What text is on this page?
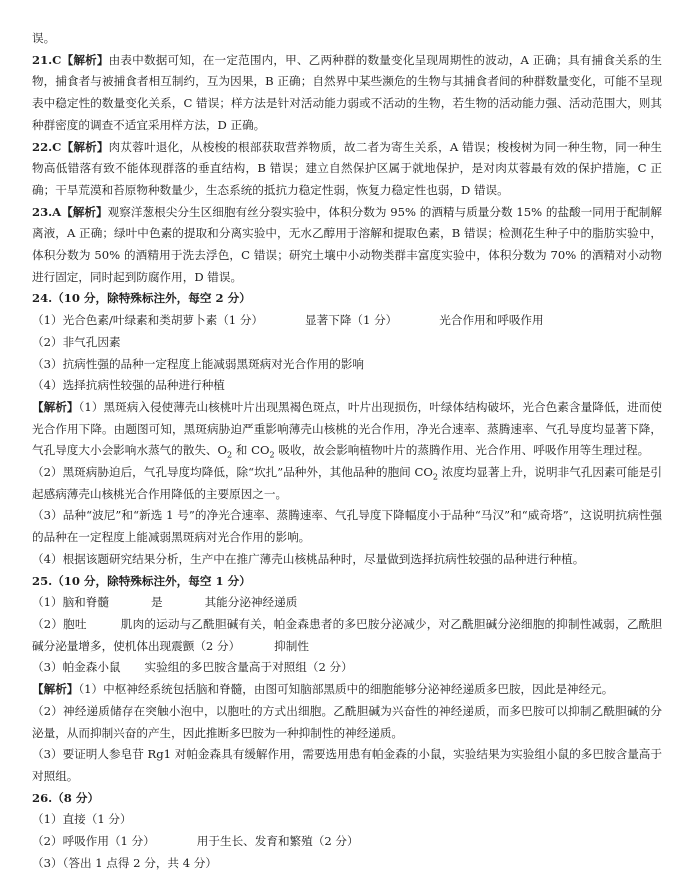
误。

21.C【解析】由表中数据可知，在一定范围内，甲、乙两种群的数量变化呈现周期性的波动，A 正确；具有捕食关系的生物，捕食者与被捕食者相互制约，互为因果，B 正确；自然界中某些濒危的生物与其捕食者间的种群数量变化，可能不呈现表中稳定性的数量变化关系，C 错误；样方法是针对活动能力弱或不活动的生物，若生物的活动能力强、活动范围大，则其种群密度的调查不适宜采用样方法，D 正确。

22.C【解析】肉苁蓉叶退化，从梭梭的根部获取营养物质，故二者为寄生关系，A 错误；梭梭树为同一种生物，同一种生物高低错落有致不能体现群落的垂直结构，B 错误；建立自然保护区属于就地保护，是对肉苁蓉最有效的保护措施，C 正确；干旱荒漠和苔原物种数量少，生态系统的抵抗力稳定性弱，恢复力稳定性也弱，D 错误。

23.A【解析】观察洋葱根尖分生区细胞有丝分裂实验中，体积分数为 95% 的酒精与质量分数 15% 的盐酸一同用于配制解离液，A 正确；绿叶中色素的提取和分离实验中，无水乙醇用于溶解和提取色素，B 错误；检测花生种子中的脂肪实验中，体积分数为 50% 的酒精用于洗去浮色，C 错误；研究土壤中小动物类群丰富度实验中，体积分数为 70% 的酒精对小动物进行固定，同时起到防腐作用，D 错误。

24.（10 分，除特殊标注外，每空 2 分）

（1）光合色素/叶绿素和类胡萝卜素（1 分）	显著下降（1 分）	光合作用和呼吸作用

（2）非气孔因素

（3）抗病性强的品种一定程度上能减弱黑斑病对光合作用的影响

（4）选择抗病性较强的品种进行种植

【解析】（1）黑斑病入侵使薄壳山核桃叶片出现黑褐色斑点，叶片出现损伤，叶绿体结构破坏，光合色素含量降低，进而使光合作用下降。由题图可知，黑斑病胁迫严重影响薄壳山核桃的光合作用，净光合速率、蒸腾速率、气孔导度均显著下降，气孔导度大小会影响水蒸气的散失、$O_2$ 和 $CO_2$ 吸收，故会影响植物叶片的蒸腾作用、光合作用、呼吸作用等生理过程。

（2）黑斑病胁迫后，气孔导度均降低，除“坎扎”品种外，其他品种的胞间 $CO_2$ 浓度均显著上升，说明非气孔因素可能是引起感病薄壳山核桃光合作用降低的主要原因之一。

（3）品种“波尼”和“新选 1 号”的净光合速率、蒸腾速率、气孔导度下降幅度小于品种“马汉”和“威奇塔”，这说明抗病性强的品种在一定程度上能减弱黑斑病对光合作用的影响。

（4）根据该题研究结果分析，生产中在推广薄壳山核桃品种时，尽量做到选择抗病性较强的品种进行种植。

25.（10 分，除特殊标注外，每空 1 分）

（1）脑和脊髓	是	其能分泌神经递质

（2）胞吐	肌肉的运动与乙酰胆碱有关，帕金森患者的多巴胺分泌减少，对乙酰胆碱分泌细胞的抑制性减弱，乙酰胆碱分泌量增多，使机体出现震颤（2 分）	抑制性

（3）帕金森小鼠 实验组的多巴胺含量高于对照组（2 分）

【解析】（1）中枢神经系统包括脑和脊髓，由图可知脑部黑质中的细胞能够分泌神经递质多巴胺，因此是神经元。

（2）神经递质储存在突触小泡中，以胞吐的方式出细胞。乙酰胆碱为兴奋性的神经递质，而多巴胺可以抑制乙酰胆碱的分泌量，从而抑制兴奋的产生，因此推断多巴胺为一种抑制性的神经递质。

（3）要证明人参皂苷 Rg1 对帕金森具有缓解作用，需要选用患有帕金森的小鼠，实验结果为实验组小鼠的多巴胺含量高于对照组。

26.（8 分）

（1）直接（1 分）

（2）呼吸作用（1 分）	用于生长、发育和繁殖（2 分）

（3）（答出 1 点得 2 分，共 4 分）
